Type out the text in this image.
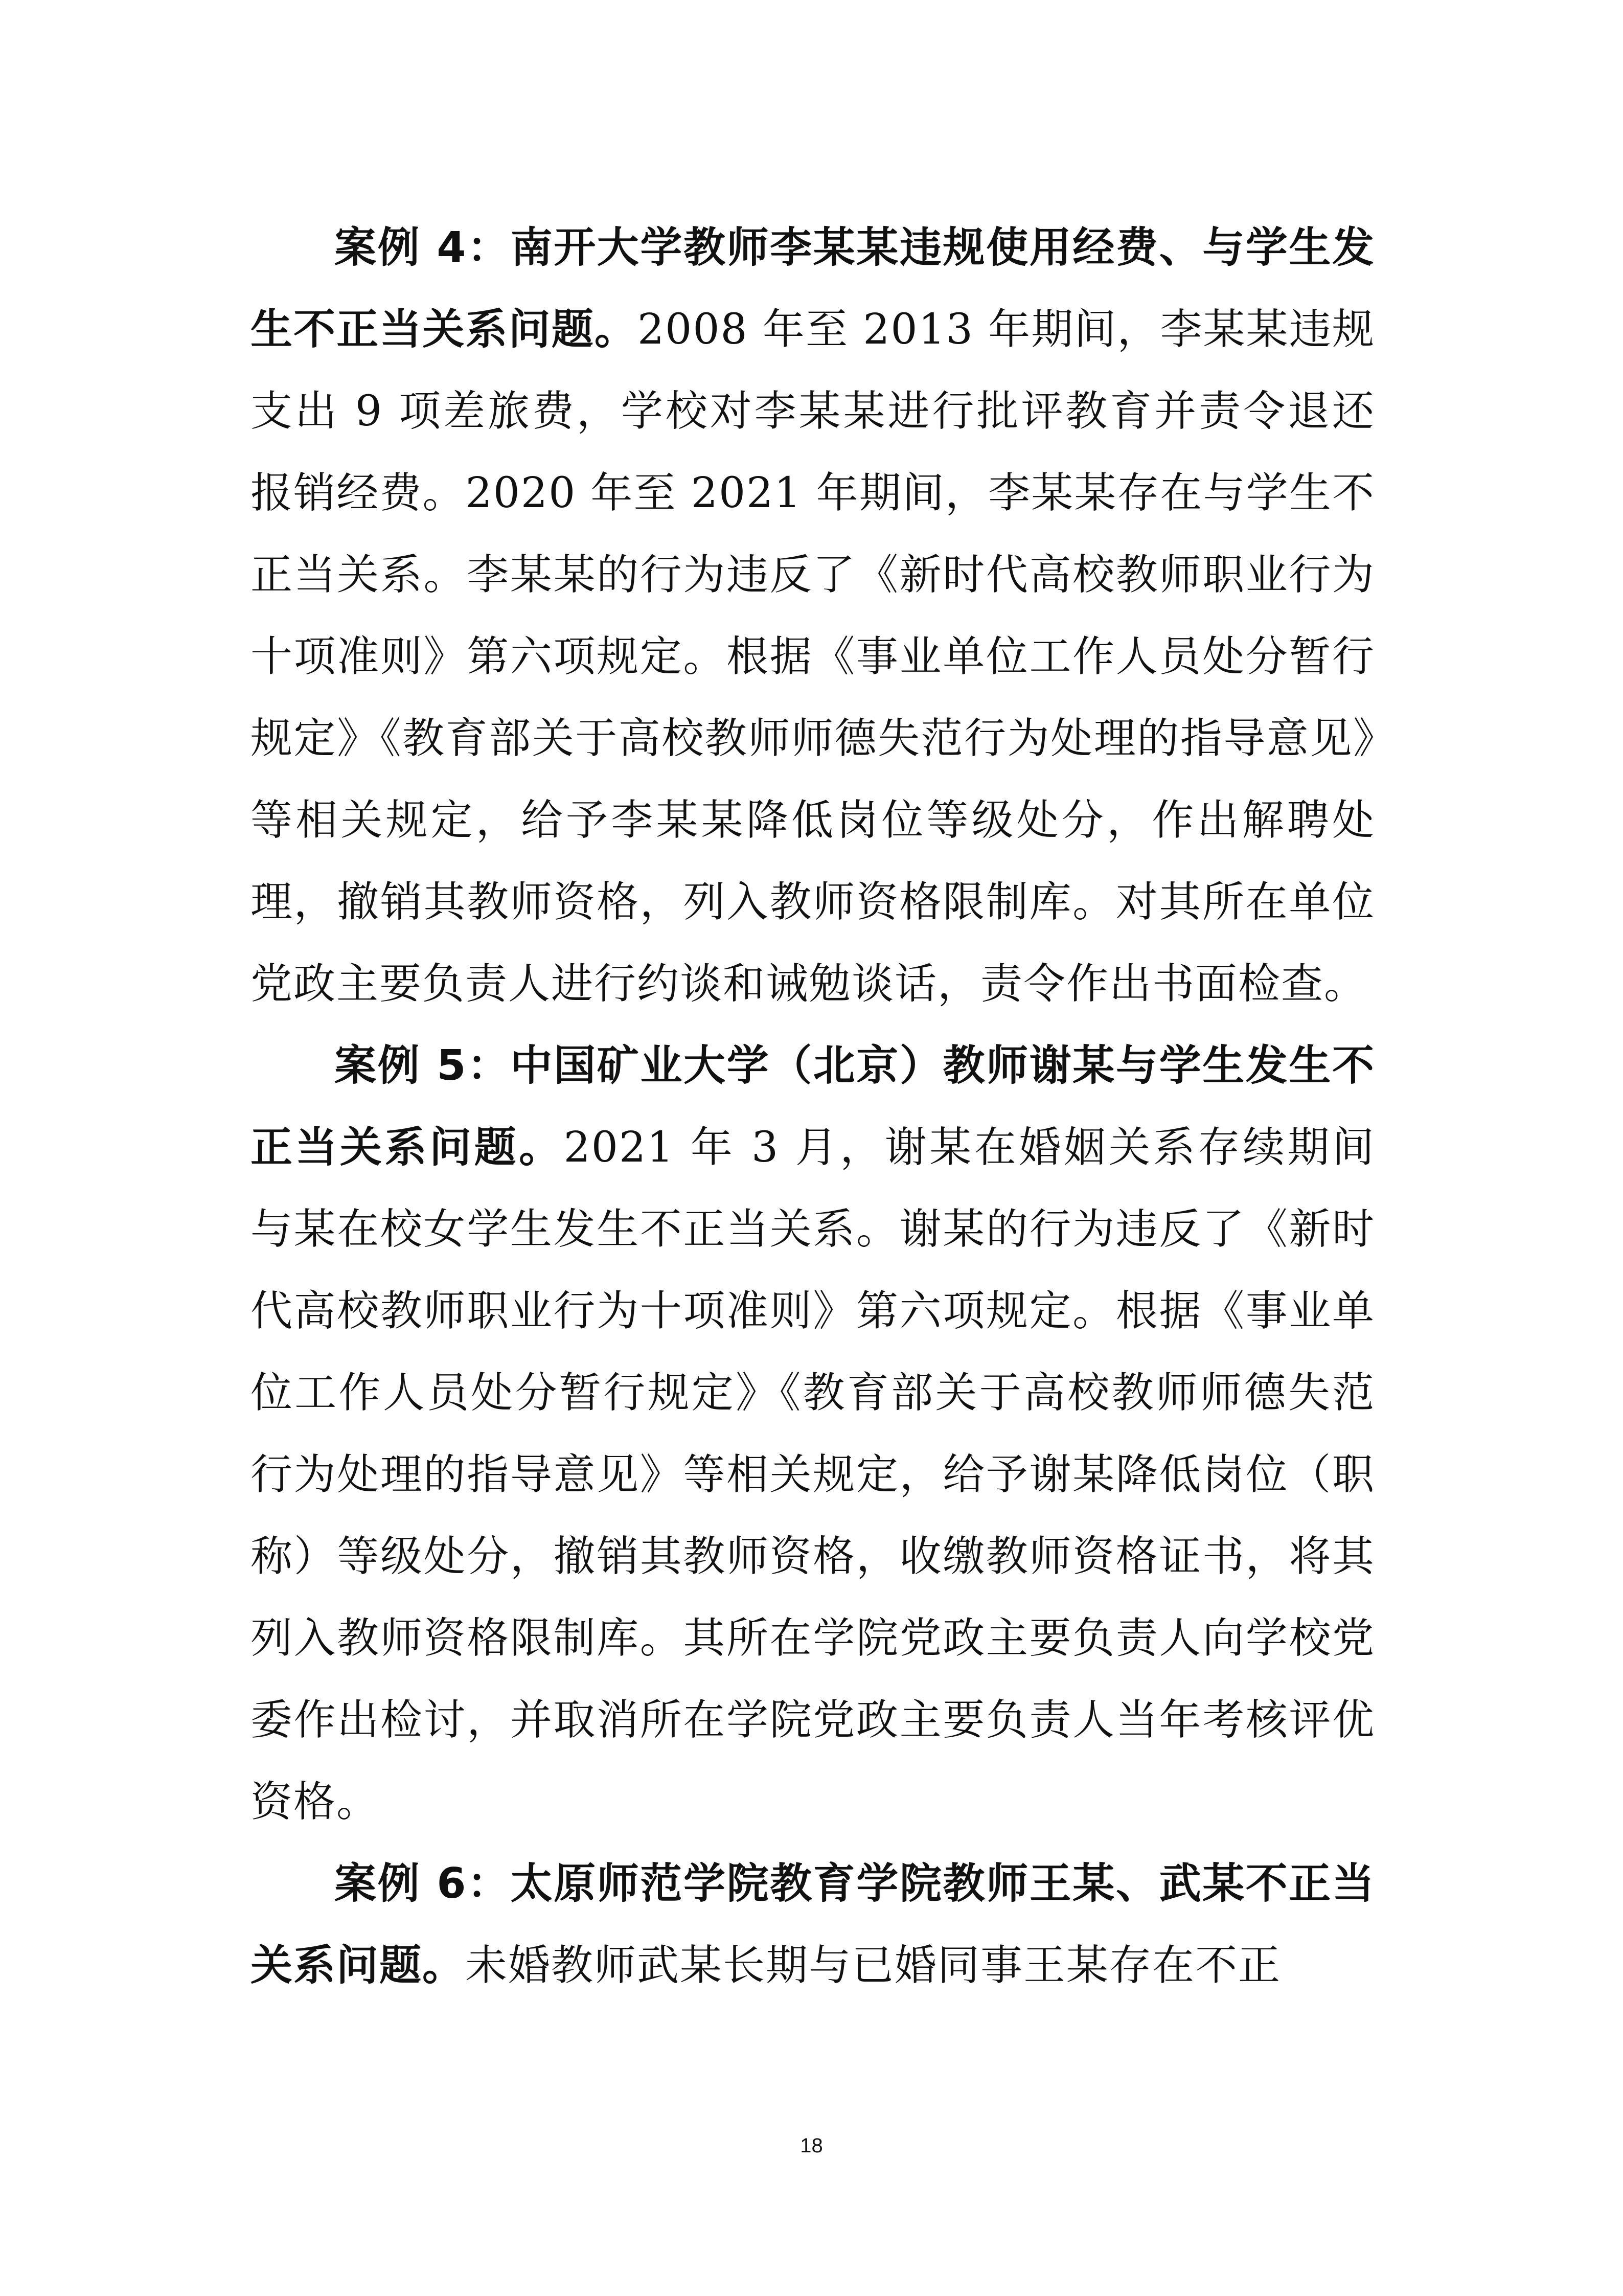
案例 4：南开大学教师李某某违规使用经费、与学生发生不正当关系问题。2008 年至 2013 年期间，李某某违规支出 9 项差旅费，学校对李某某进行批评教育并责令退还报销经费。2020 年至 2021 年期间，李某某存在与学生不正当关系。李某某的行为违反了《新时代高校教师职业行为十项准则》第六项规定。根据《事业单位工作人员处分暂行规定》《教育部关于高校教师师德失范行为处理的指导意见》等相关规定，给予李某某降低岗位等级处分，作出解聘处理，撤销其教师资格，列入教师资格限制库。对其所在单位党政主要负责人进行约谈和诫勉谈话，责令作出书面检查。

案例 5：中国矿业大学（北京）教师谢某与学生发生不正当关系问题。2021 年 3 月，谢某在婚姻关系存续期间与某在校女学生发生不正当关系。谢某的行为违反了《新时代高校教师职业行为十项准则》第六项规定。根据《事业单位工作人员处分暂行规定》《教育部关于高校教师师德失范行为处理的指导意见》等相关规定，给予谢某降低岗位（职称）等级处分，撤销其教师资格，收缴教师资格证书，将其列入教师资格限制库。其所在学院党政主要负责人向学校党委作出检讨，并取消所在学院党政主要负责人当年考核评优资格。

案例 6：太原师范学院教育学院教师王某、武某不正当关系问题。未婚教师武某长期与已婚同事王某存在不正

18
